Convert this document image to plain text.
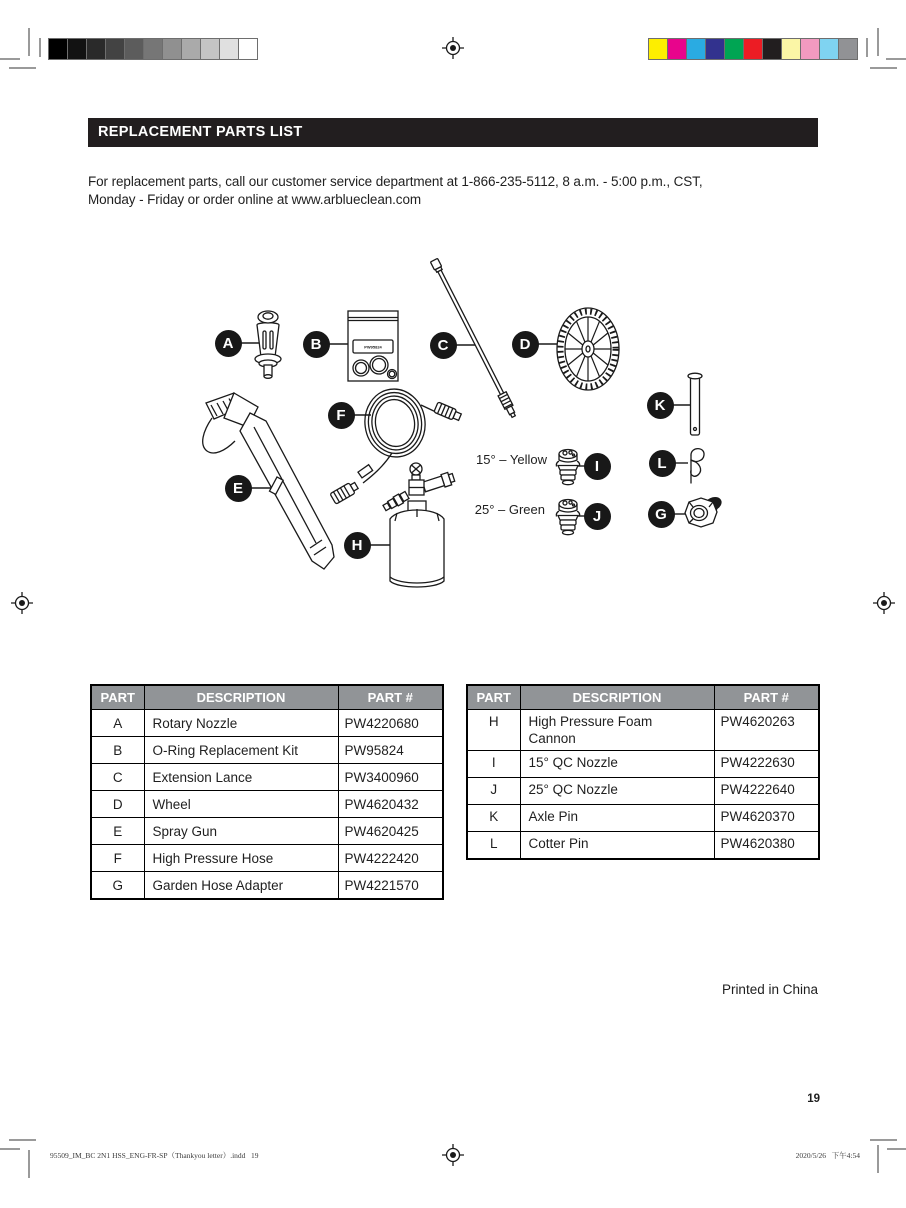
REPLACEMENT PARTS LIST
For replacement parts, call our customer service department at 1-866-235-5112, 8 a.m. - 5:00 p.m., CST,
Monday - Friday or order online at www.arblueclean.com
PW95824
15° – Yellow
25° – Green
A	B	C	D
E
F
H
I
J
K
L
G
PART	DESCRIPTION	PART #
A	Rotary Nozzle	PW4220680
B	O-Ring Replacement Kit	PW95824
C	Extension Lance	PW3400960
D	Wheel	PW4620432
E	Spray Gun	PW4620425
F	High Pressure Hose	PW4222420
G	Garden Hose Adapter	PW4221570
PART	DESCRIPTION	PART #
H	High Pressure Foam Cannon	PW4620263
I	15° QC Nozzle	PW4222630
J	25° QC Nozzle	PW4222640
K	Axle Pin	PW4620370
L	Cotter Pin	PW4620380
Printed in China
19
95509_IM_BC 2N1 HSS_ENG-FR-SP（Thankyou letter）.indd   19	2020/5/26   下午4:54
